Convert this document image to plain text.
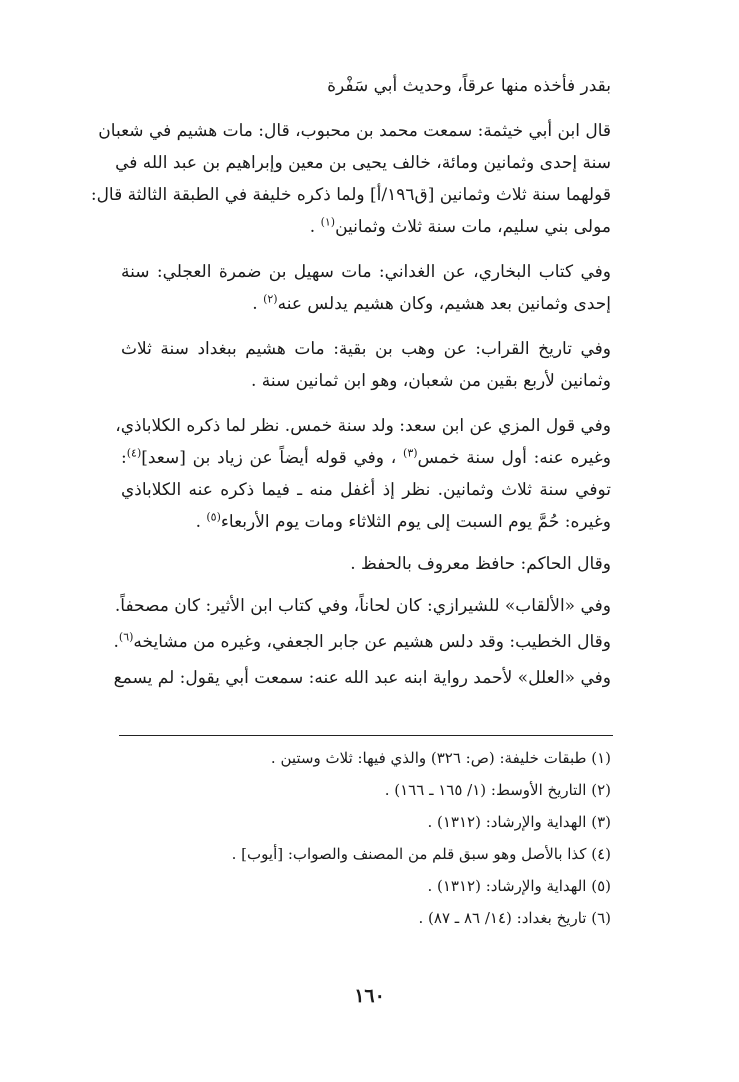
بقدر فأخذه منها عرقاً، وحديث أبي سَفْرة
قال ابن أبي خيثمة: سمعت محمد بن محبوب، قال: مات هشيم في شعبان
سنة إحدى وثمانين ومائة، خالف يحيى بن معين وإبراهيم بن عبد الله في
قولهما سنة ثلاث وثمانين [ق١٩٦/أ] ولما ذكره خليفة في الطبقة الثالثة قال:
مولى بني سليم، مات سنة ثلاث وثمانين$^{(١)}$ .
وفي كتاب البخاري، عن الغداني: مات سهيل بن ضمرة العجلي: سنة
إحدى وثمانين بعد هشيم، وكان هشيم يدلس عنه$^{(٢)}$ .
وفي تاريخ القراب: عن وهب بن بقية: مات هشيم ببغداد سنة ثلاث
وثمانين لأربع بقين من شعبان، وهو ابن ثمانين سنة .
وفي قول المزي عن ابن سعد: ولد سنة خمس. نظر لما ذكره الكلاباذي،
وغيره عنه: أول سنة خمس$^{(٣)}$ ، وفي قوله أيضاً عن زياد بن [سعد]$^{(٤)}$:
توفي سنة ثلاث وثمانين. نظر إذ أغفل منه ـ فيما ذكره عنه الكلاباذي
وغيره: حُمَّ يوم السبت إلى يوم الثلاثاء ومات يوم الأربعاء$^{(٥)}$ .
وقال الحاكم: حافظ معروف بالحفظ .
وفي «الألقاب» للشيرازي: كان لحاناً، وفي كتاب ابن الأثير: كان مصحفاً.
وقال الخطيب: وقد دلس هشيم عن جابر الجعفي، وغيره من مشايخه$^{(٦)}$.
وفي «العلل» لأحمد رواية ابنه عبد الله عنه: سمعت أبي يقول: لم يسمع
(١) طبقات خليفة: (ص: ٣٢٦) والذي فيها: ثلاث وستين .
(٢) التاريخ الأوسط: (١/ ١٦٥ ـ ١٦٦) .
(٣) الهداية والإرشاد: (١٣١٢) .
(٤) كذا بالأصل وهو سبق قلم من المصنف والصواب: [أيوب] .
(٥) الهداية والإرشاد: (١٣١٢) .
(٦) تاريخ بغداد: (١٤/ ٨٦ ـ ٨٧) .
١٦٠
